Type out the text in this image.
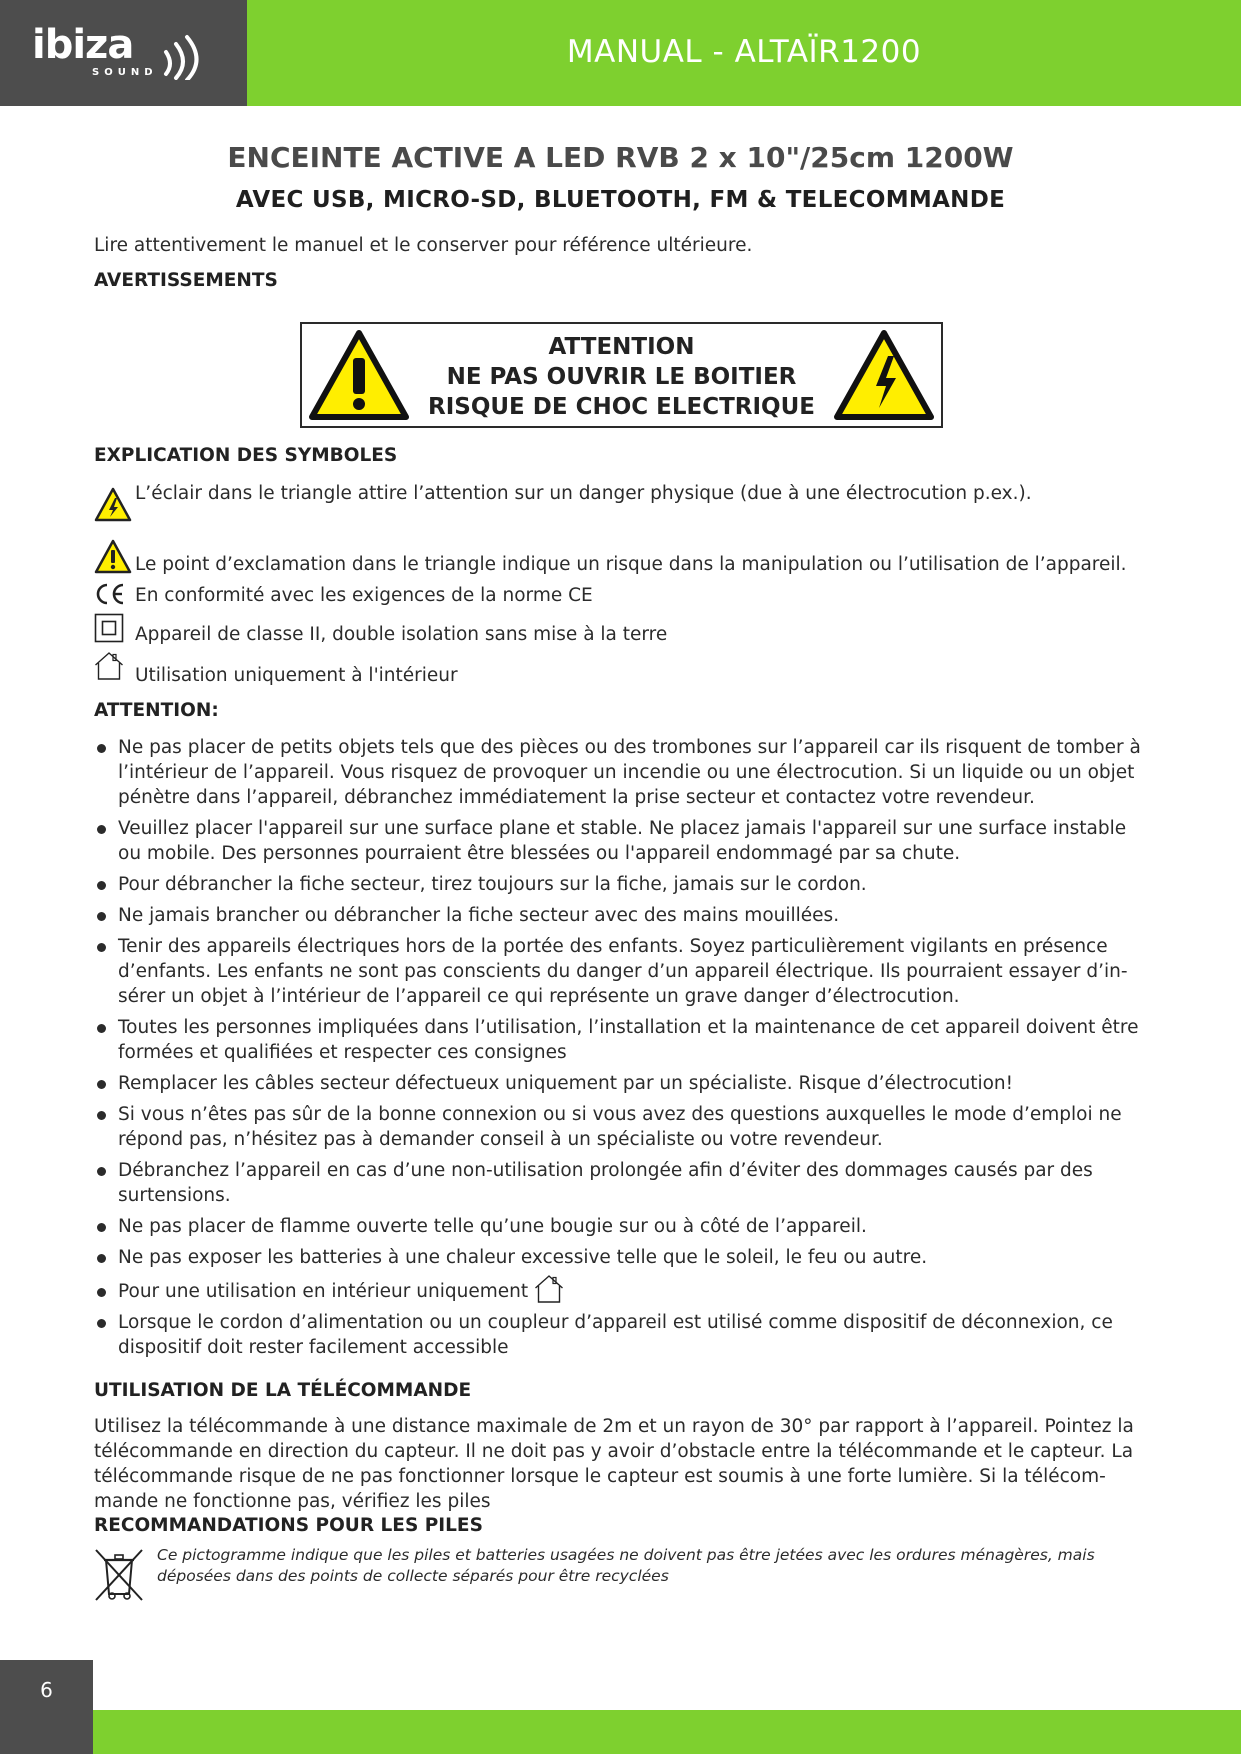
ibiza
SOUND
MANUAL - ALTAÏR1200
ENCEINTE ACTIVE A LED RVB 2 x 10"/25cm 1200W
AVEC USB, MICRO-SD, BLUETOOTH, FM & TELECOMMANDE
Lire attentivement le manuel et le conserver pour référence ultérieure.
AVERTISSEMENTS
ATTENTION
NE PAS OUVRIR LE BOITIER
RISQUE DE CHOC ELECTRIQUE
EXPLICATION DES SYMBOLES
L’éclair dans le triangle attire l’attention sur un danger physique (due à une électrocution p.ex.).
Le point d’exclamation dans le triangle indique un risque dans la manipulation ou l’utilisation de l’appareil.
En conformité avec les exigences de la norme CE
Appareil de classe II, double isolation sans mise à la terre
Utilisation uniquement à l'intérieur
ATTENTION:
Ne pas placer de petits objets tels que des pièces ou des trombones sur l’appareil car ils risquent de tomber à l’intérieur de l’appareil. Vous risquez de provoquer un incendie ou une électrocution. Si un liquide ou un objet pénètre dans l’appareil, débranchez immédiatement la prise secteur et contactez votre revendeur.
Veuillez placer l'appareil sur une surface plane et stable. Ne placez jamais l'appareil sur une surface instable ou mobile. Des personnes pourraient être blessées ou l'appareil endommagé par sa chute.
Pour débrancher la fiche secteur, tirez toujours sur la fiche, jamais sur le cordon.
Ne jamais brancher ou débrancher la fiche secteur avec des mains mouillées.
Tenir des appareils électriques hors de la portée des enfants. Soyez particulièrement vigilants en présence d’enfants. Les enfants ne sont pas conscients du danger d’un appareil électrique. Ils pourraient essayer d’in-sérer un objet à l’intérieur de l’appareil ce qui représente un grave danger d’électrocution.
Toutes les personnes impliquées dans l’utilisation, l’installation et la maintenance de cet appareil doivent être formées et qualifiées et respecter ces consignes
Remplacer les câbles secteur défectueux uniquement par un spécialiste. Risque d’électrocution!
Si vous n’êtes pas sûr de la bonne connexion ou si vous avez des questions auxquelles le mode d’emploi ne répond pas, n’hésitez pas à demander conseil à un spécialiste ou votre revendeur.
Débranchez l’appareil en cas d’une non-utilisation prolongée afin d’éviter des dommages causés par des surtensions.
Ne pas placer de flamme ouverte telle qu’une bougie sur ou à côté de l’appareil.
Ne pas exposer les batteries à une chaleur excessive telle que le soleil, le feu ou autre.
Pour une utilisation en intérieur uniquement
Lorsque le cordon d’alimentation ou un coupleur d’appareil est utilisé comme dispositif de déconnexion, ce dispositif doit rester facilement accessible
UTILISATION DE LA TÉLÉCOMMANDE
Utilisez la télécommande à une distance maximale de 2m et un rayon de 30° par rapport à l’appareil. Pointez la télécommande en direction du capteur. Il ne doit pas y avoir d’obstacle entre la télécommande et le capteur. La télécommande risque de ne pas fonctionner lorsque le capteur est soumis à une forte lumière. Si la télécom-mande ne fonctionne pas, vérifiez les piles
RECOMMANDATIONS POUR LES PILES
Ce pictogramme indique que les piles et batteries usagées ne doivent pas être jetées avec les ordures ménagères, mais déposées dans des points de collecte séparés pour être recyclées
6
